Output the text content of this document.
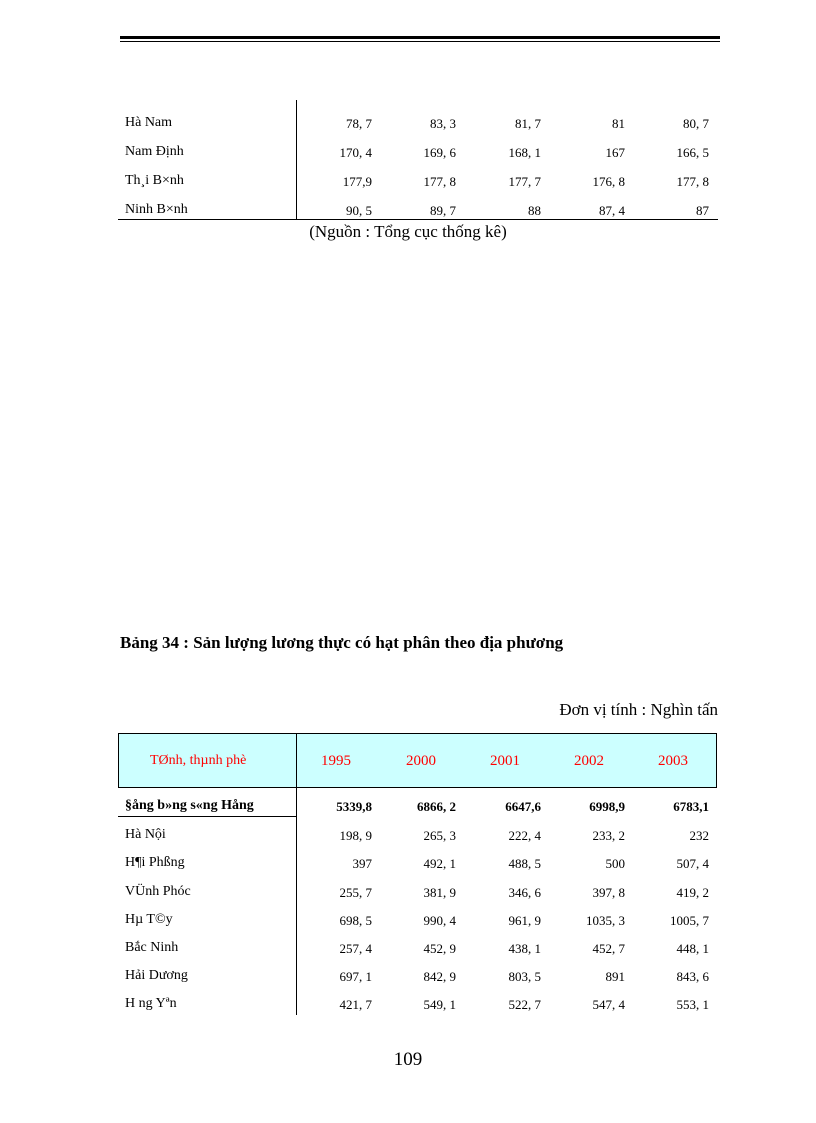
Hà Nam	78, 7	83, 3	81, 7	81	80, 7
Nam Định	170, 4	169, 6	168, 1	167	166, 5
Th¸i B×nh	177,9	177, 8	177, 7	176, 8	177, 8
Ninh B×nh	90, 5	89, 7	88	87, 4	87
(Nguồn : Tổng cục thống kê)
Bảng 34 : Sản lượng lương thực có hạt phân theo địa phương
Đơn vị tính : Nghìn tấn
TØnh, thµnh phè	1995	2000	2001	2002	2003
§ång b»ng s«ng Hång	5339,8	6866, 2	6647,6	6998,9	6783,1
Hà Nội	198, 9	265, 3	222, 4	233, 2	232
H¶i Phßng	397	492, 1	488, 5	500	507, 4
VÜnh Phóc	255, 7	381, 9	346, 6	397, 8	419, 2
Hµ T©y	698, 5	990, 4	961, 9	1035, 3	1005, 7
Bắc Ninh	257, 4	452, 9	438, 1	452, 7	448, 1
Hải Dương	697, 1	842, 9	803, 5	891	843, 6
H ng Yªn	421, 7	549, 1	522, 7	547, 4	553, 1
109
